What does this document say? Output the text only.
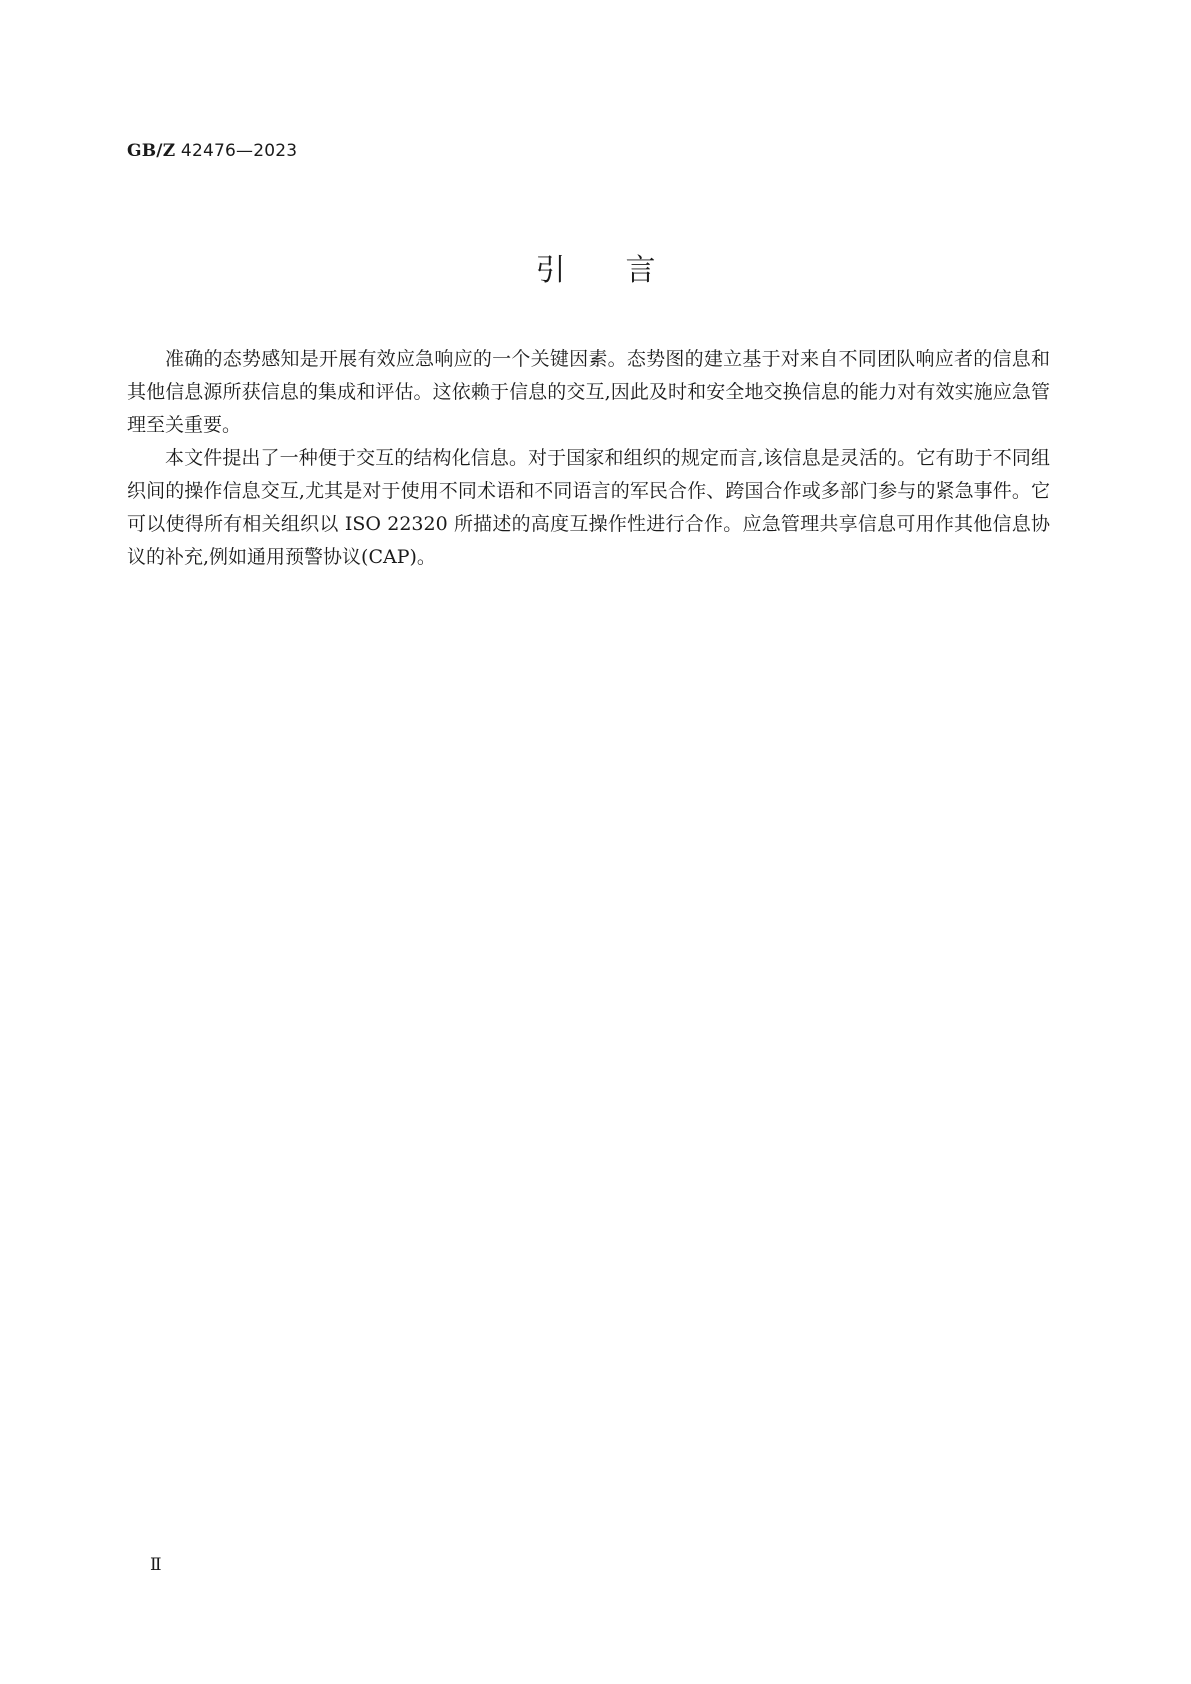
GB/Z 42476—2023
引言

准确的态势感知是开展有效应急响应的一个关键因素。态势图的建立基于对来自不同团队响应者的信息和其他信息源所获信息的集成和评估。这依赖于信息的交互,因此及时和安全地交换信息的能力对有效实施应急管理至关重要。

本文件提出了一种便于交互的结构化信息。对于国家和组织的规定而言,该信息是灵活的。它有助于不同组织间的操作信息交互,尤其是对于使用不同术语和不同语言的军民合作、跨国合作或多部门参与的紧急事件。它可以使得所有相关组织以 ISO 22320 所描述的高度互操作性进行合作。应急管理共享信息可用作其他信息协议的补充,例如通用预警协议(CAP)。

Ⅱ
